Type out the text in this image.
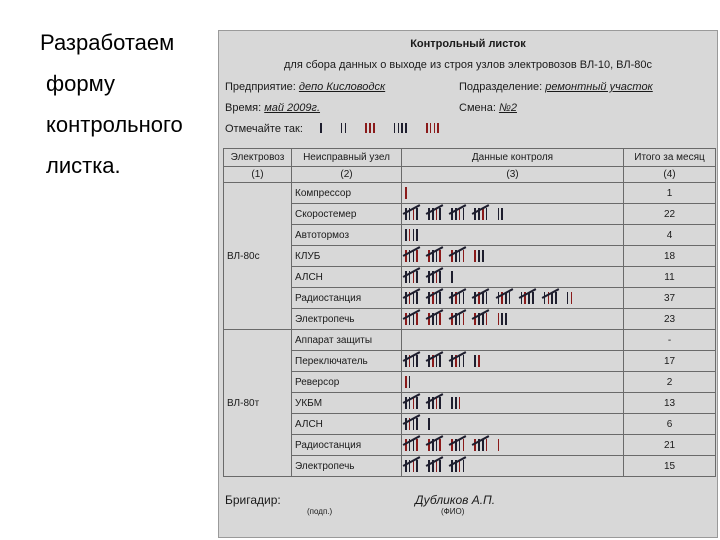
Разработаем
форму
контрольного
листка.
Контрольный листок
для сбора данных о выходе из строя узлов электровозов ВЛ-10, ВЛ-80с
Предприятие: депо Кисловодск	Подразделение: ремонтный участок
Время: май 2009г.	Смена: №2
Отмечайте так:
Электровоз	Неисправный узел	Данные контроля	Итого за месяц
(1)	(2)	(3)	(4)
ВЛ-80с	Компрессор		1
	Скоростемер		22
	Автотормоз		4
	КЛУБ		18
	АЛСН		11
	Радиостанция		37
	Электропечь		23
ВЛ-80т	Аппарат защиты		-
	Переключатель		17
	Реверсор		2
	УКБМ		13
	АЛСН		6
	Радиостанция		21
	Электропечь		15
Бригадир:	Дубликов А.П.
(подп.)	(ФИО)
